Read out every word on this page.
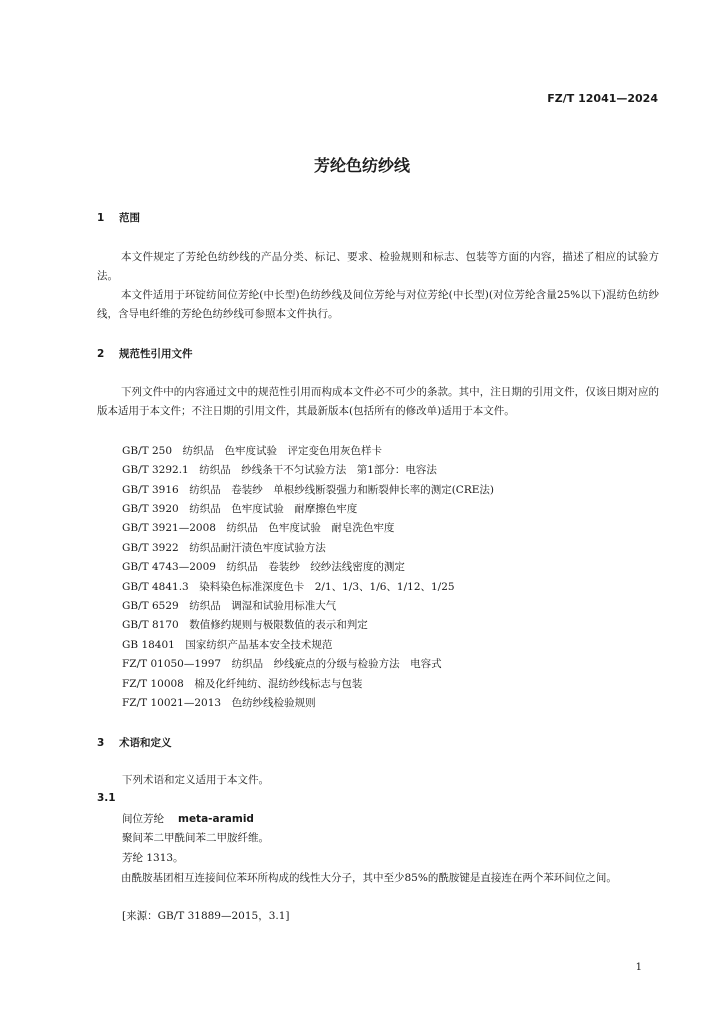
FZ/T 12041—2024
芳纶色纺纱线
1 范围
本文件规定了芳纶色纺纱线的产品分类、标记、要求、检验规则和标志、包装等方面的内容，描述了相应的试验方法。
本文件适用于环锭纺间位芳纶(中长型)色纺纱线及间位芳纶与对位芳纶(中长型)(对位芳纶含量25%以下)混纺色纺纱线，含导电纤维的芳纶色纺纱线可参照本文件执行。
2 规范性引用文件
下列文件中的内容通过文中的规范性引用而构成本文件必不可少的条款。其中，注日期的引用文件，仅该日期对应的版本适用于本文件；不注日期的引用文件，其最新版本(包括所有的修改单)适用于本文件。
GB/T 250　纺织品　色牢度试验　评定变色用灰色样卡
GB/T 3292.1　纺织品　纱线条干不匀试验方法　第1部分：电容法
GB/T 3916　纺织品　卷装纱　单根纱线断裂强力和断裂伸长率的测定(CRE法)
GB/T 3920　纺织品　色牢度试验　耐摩擦色牢度
GB/T 3921—2008　纺织品　色牢度试验　耐皂洗色牢度
GB/T 3922　纺织品耐汗渍色牢度试验方法
GB/T 4743—2009　纺织品　卷装纱　绞纱法线密度的测定
GB/T 4841.3　染料染色标准深度色卡　2/1、1/3、1/6、1/12、1/25
GB/T 6529　纺织品　调湿和试验用标准大气
GB/T 8170　数值修约规则与极限数值的表示和判定
GB 18401　国家纺织产品基本安全技术规范
FZ/T 01050—1997　纺织品　纱线疵点的分级与检验方法　电容式
FZ/T 10008　棉及化纤纯纺、混纺纱线标志与包装
FZ/T 10021—2013　色纺纱线检验规则
3 术语和定义
下列术语和定义适用于本文件。
3.1
间位芳纶 meta-aramid
聚间苯二甲酰间苯二甲胺纤维。
芳纶 1313。
由酰胺基团相互连接间位苯环所构成的线性大分子，其中至少85%的酰胺键是直接连在两个苯环间位之间。
[来源：GB/T 31889—2015，3.1]
1
